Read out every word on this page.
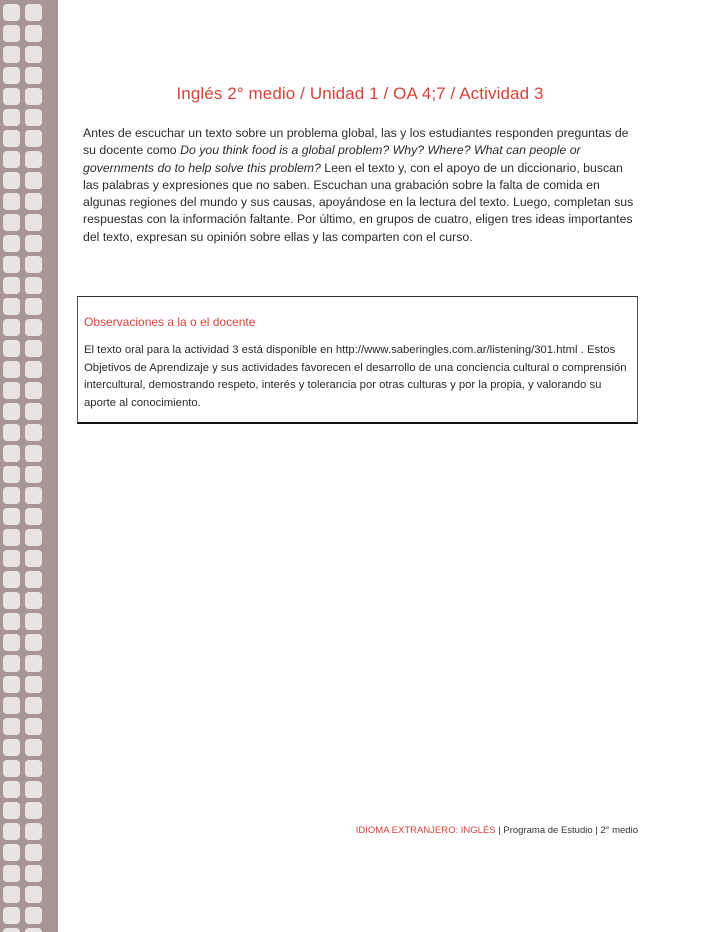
Inglés 2° medio / Unidad 1 / OA 4;7 / Actividad 3
Antes de escuchar un texto sobre un problema global, las y los estudiantes responden preguntas de su docente como Do you think food is a global problem? Why? Where? What can people or governments do to help solve this problem? Leen el texto y, con el apoyo de un diccionario, buscan las palabras y expresiones que no saben. Escuchan una grabación sobre la falta de comida en algunas regiones del mundo y sus causas, apoyándose en la lectura del texto. Luego, completan sus respuestas con la información faltante. Por último, en grupos de cuatro, eligen tres ideas importantes del texto, expresan su opinión sobre ellas y las comparten con el curso.
Observaciones a la o el docente
El texto oral para la actividad 3 está disponible en http://www.saberingles.com.ar/listening/301.html . Estos Objetivos de Aprendizaje y sus actividades favorecen el desarrollo de una conciencia cultural o comprensión intercultural, demostrando respeto, interés y tolerancia por otras culturas y por la propia, y valorando su aporte al conocimiento.
IDIOMA EXTRANJERO: INGLÉS | Programa de Estudio | 2° medio
